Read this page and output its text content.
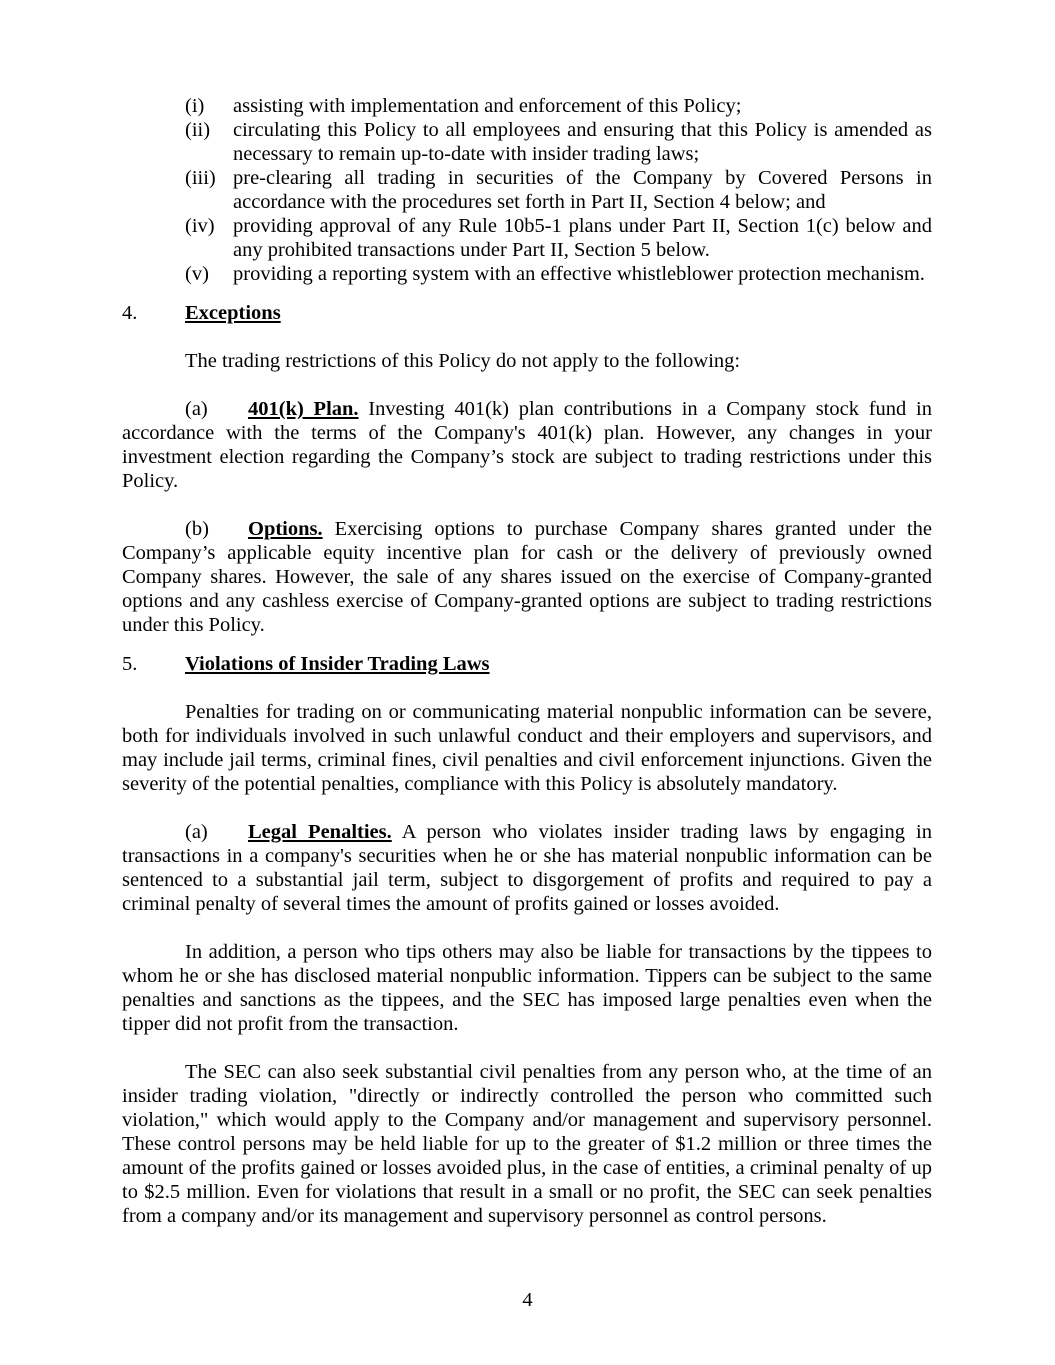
(i) assisting with implementation and enforcement of this Policy;
(ii) circulating this Policy to all employees and ensuring that this Policy is amended as necessary to remain up-to-date with insider trading laws;
(iii) pre-clearing all trading in securities of the Company by Covered Persons in accordance with the procedures set forth in Part II, Section 4 below; and
(iv) providing approval of any Rule 10b5-1 plans under Part II, Section 1(c) below and any prohibited transactions under Part II, Section 5 below.
(v) providing a reporting system with an effective whistleblower protection mechanism.
4. Exceptions

The trading restrictions of this Policy do not apply to the following:

(a) 401(k) Plan. Investing 401(k) plan contributions in a Company stock fund in accordance with the terms of the Company's 401(k) plan. However, any changes in your investment election regarding the Company’s stock are subject to trading restrictions under this Policy.

(b) Options. Exercising options to purchase Company shares granted under the Company’s applicable equity incentive plan for cash or the delivery of previously owned Company shares. However, the sale of any shares issued on the exercise of Company-granted options and any cashless exercise of Company-granted options are subject to trading restrictions under this Policy.

5. Violations of Insider Trading Laws

Penalties for trading on or communicating material nonpublic information can be severe, both for individuals involved in such unlawful conduct and their employers and supervisors, and may include jail terms, criminal fines, civil penalties and civil enforcement injunctions. Given the severity of the potential penalties, compliance with this Policy is absolutely mandatory.

(a) Legal Penalties. A person who violates insider trading laws by engaging in transactions in a company's securities when he or she has material nonpublic information can be sentenced to a substantial jail term, subject to disgorgement of profits and required to pay a criminal penalty of several times the amount of profits gained or losses avoided.

In addition, a person who tips others may also be liable for transactions by the tippees to whom he or she has disclosed material nonpublic information. Tippers can be subject to the same penalties and sanctions as the tippees, and the SEC has imposed large penalties even when the tipper did not profit from the transaction.

The SEC can also seek substantial civil penalties from any person who, at the time of an insider trading violation, "directly or indirectly controlled the person who committed such violation," which would apply to the Company and/or management and supervisory personnel. These control persons may be held liable for up to the greater of $1.2 million or three times the amount of the profits gained or losses avoided plus, in the case of entities, a criminal penalty of up to $2.5 million. Even for violations that result in a small or no profit, the SEC can seek penalties from a company and/or its management and supervisory personnel as control persons.

4
